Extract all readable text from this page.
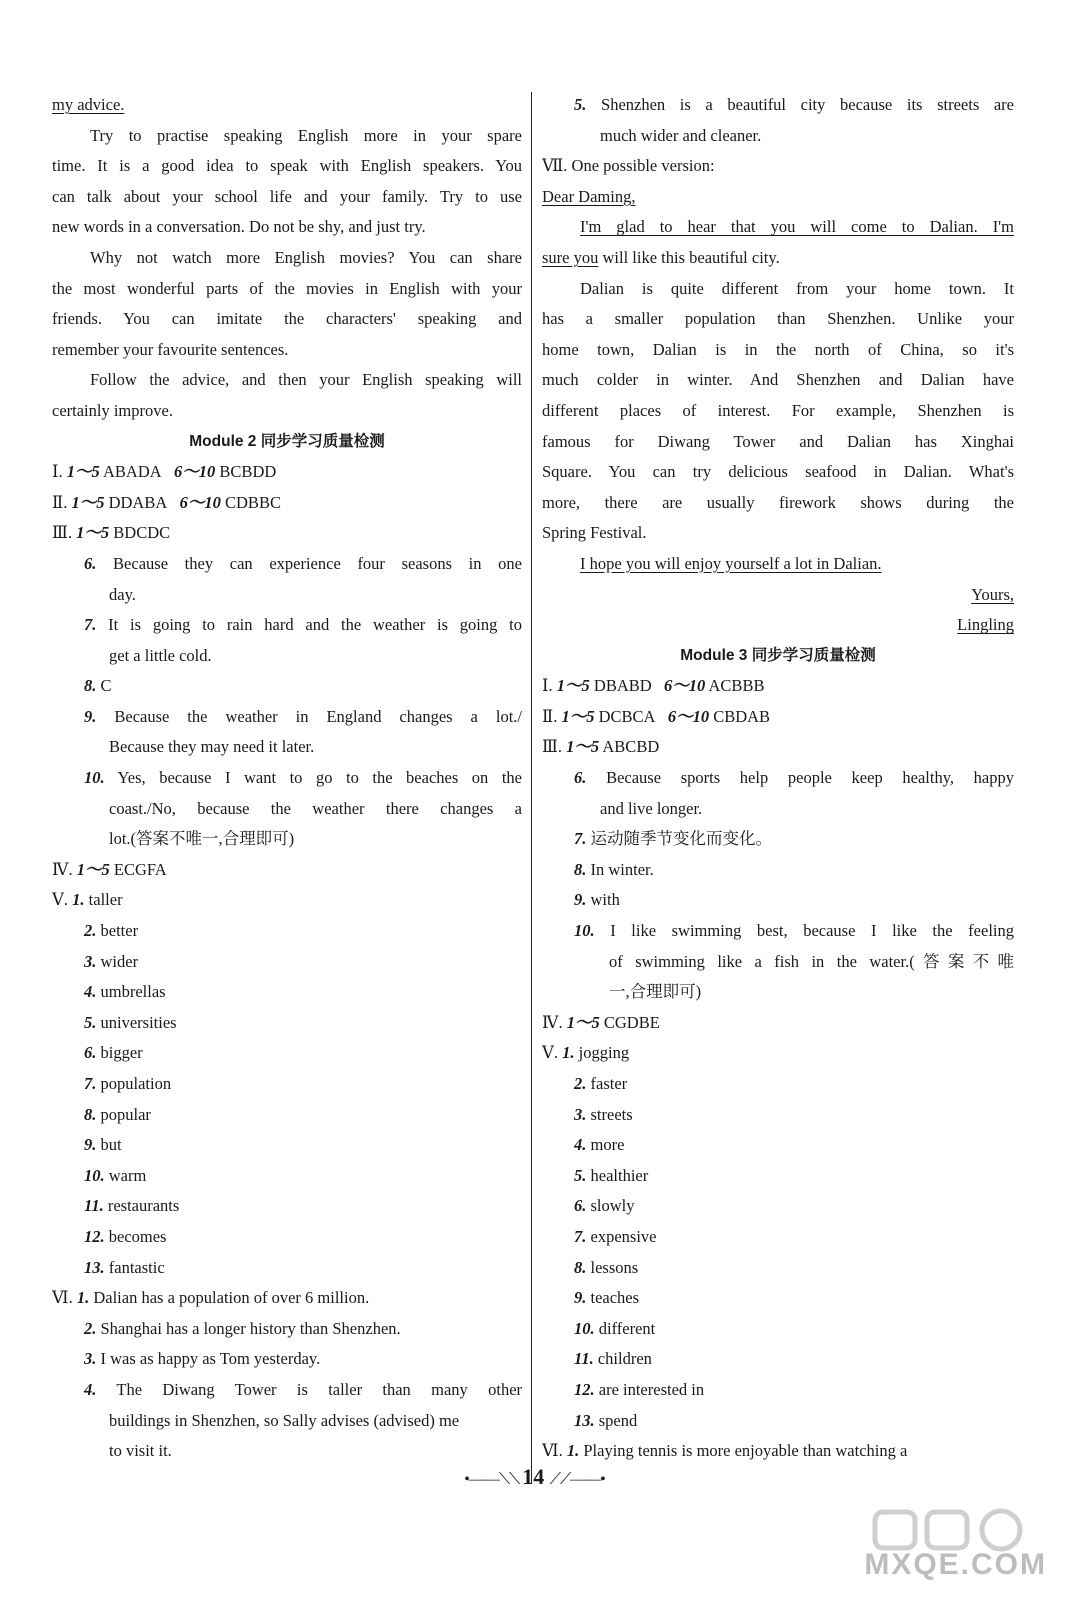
my advice.
Try to practise speaking English more in your spare
time. It is a good idea to speak with English speakers. You
can talk about your school life and your family. Try to use
new words in a conversation. Do not be shy, and just try.
Why not watch more English movies? You can share
the most wonderful parts of the movies in English with your
friends. You can imitate the characters' speaking and
remember your favourite sentences.
Follow the advice, and then your English speaking will
certainly improve.
Module 2 同步学习质量检测
Ⅰ. 1～5 ABADA 6～10 BCBDD
Ⅱ. 1～5 DDABA 6～10 CDBBC
Ⅲ. 1～5 BDCDC
6. Because they can experience four seasons in one
day.
7. It is going to rain hard and the weather is going to
get a little cold.
8. C
9. Because the weather in England changes a lot./
Because they may need it later.
10. Yes, because I want to go to the beaches on the
coast./No, because the weather there changes a
lot.(答案不唯一,合理即可)
Ⅳ. 1～5 ECGFA
Ⅴ. 1. taller
2. better
3. wider
4. umbrellas
5. universities
6. bigger
7. population
8. popular
9. but
10. warm
11. restaurants
12. becomes
13. fantastic
Ⅵ. 1. Dalian has a population of over 6 million.
2. Shanghai has a longer history than Shenzhen.
3. I was as happy as Tom yesterday.
4. The Diwang Tower is taller than many other
buildings in Shenzhen, so Sally advises (advised) me
to visit it.
5. Shenzhen is a beautiful city because its streets are
much wider and cleaner.
Ⅶ. One possible version:
Dear Daming,
I'm glad to hear that you will come to Dalian. I'm
sure you will like this beautiful city.
Dalian is quite different from your home town. It
has a smaller population than Shenzhen. Unlike your
home town, Dalian is in the north of China, so it's
much colder in winter. And Shenzhen and Dalian have
different places of interest. For example, Shenzhen is
famous for Diwang Tower and Dalian has Xinghai
Square. You can try delicious seafood in Dalian. What's
more, there are usually firework shows during the
Spring Festival.
I hope you will enjoy yourself a lot in Dalian.
Yours,
Lingling
Module 3 同步学习质量检测
Ⅰ. 1～5 DBABD 6～10 ACBBB
Ⅱ. 1～5 DCBCA 6～10 CBDAB
Ⅲ. 1～5 ABCBD
6. Because sports help people keep healthy, happy
and live longer.
7. 运动随季节变化而变化。
8. In winter.
9. with
10. I like swimming best, because I like the feeling
of swimming like a fish in the water.(答案不唯
一,合理即可)
Ⅳ. 1～5 CGDBE
Ⅴ. 1. jogging
2. faster
3. streets
4. more
5. healthier
6. slowly
7. expensive
8. lessons
9. teaches
10. different
11. children
12. are interested in
13. spend
Ⅵ. 1. Playing tennis is more enjoyable than watching a
•——⟍⟍ 14 ⟋⟋——•
MXQE.COM
